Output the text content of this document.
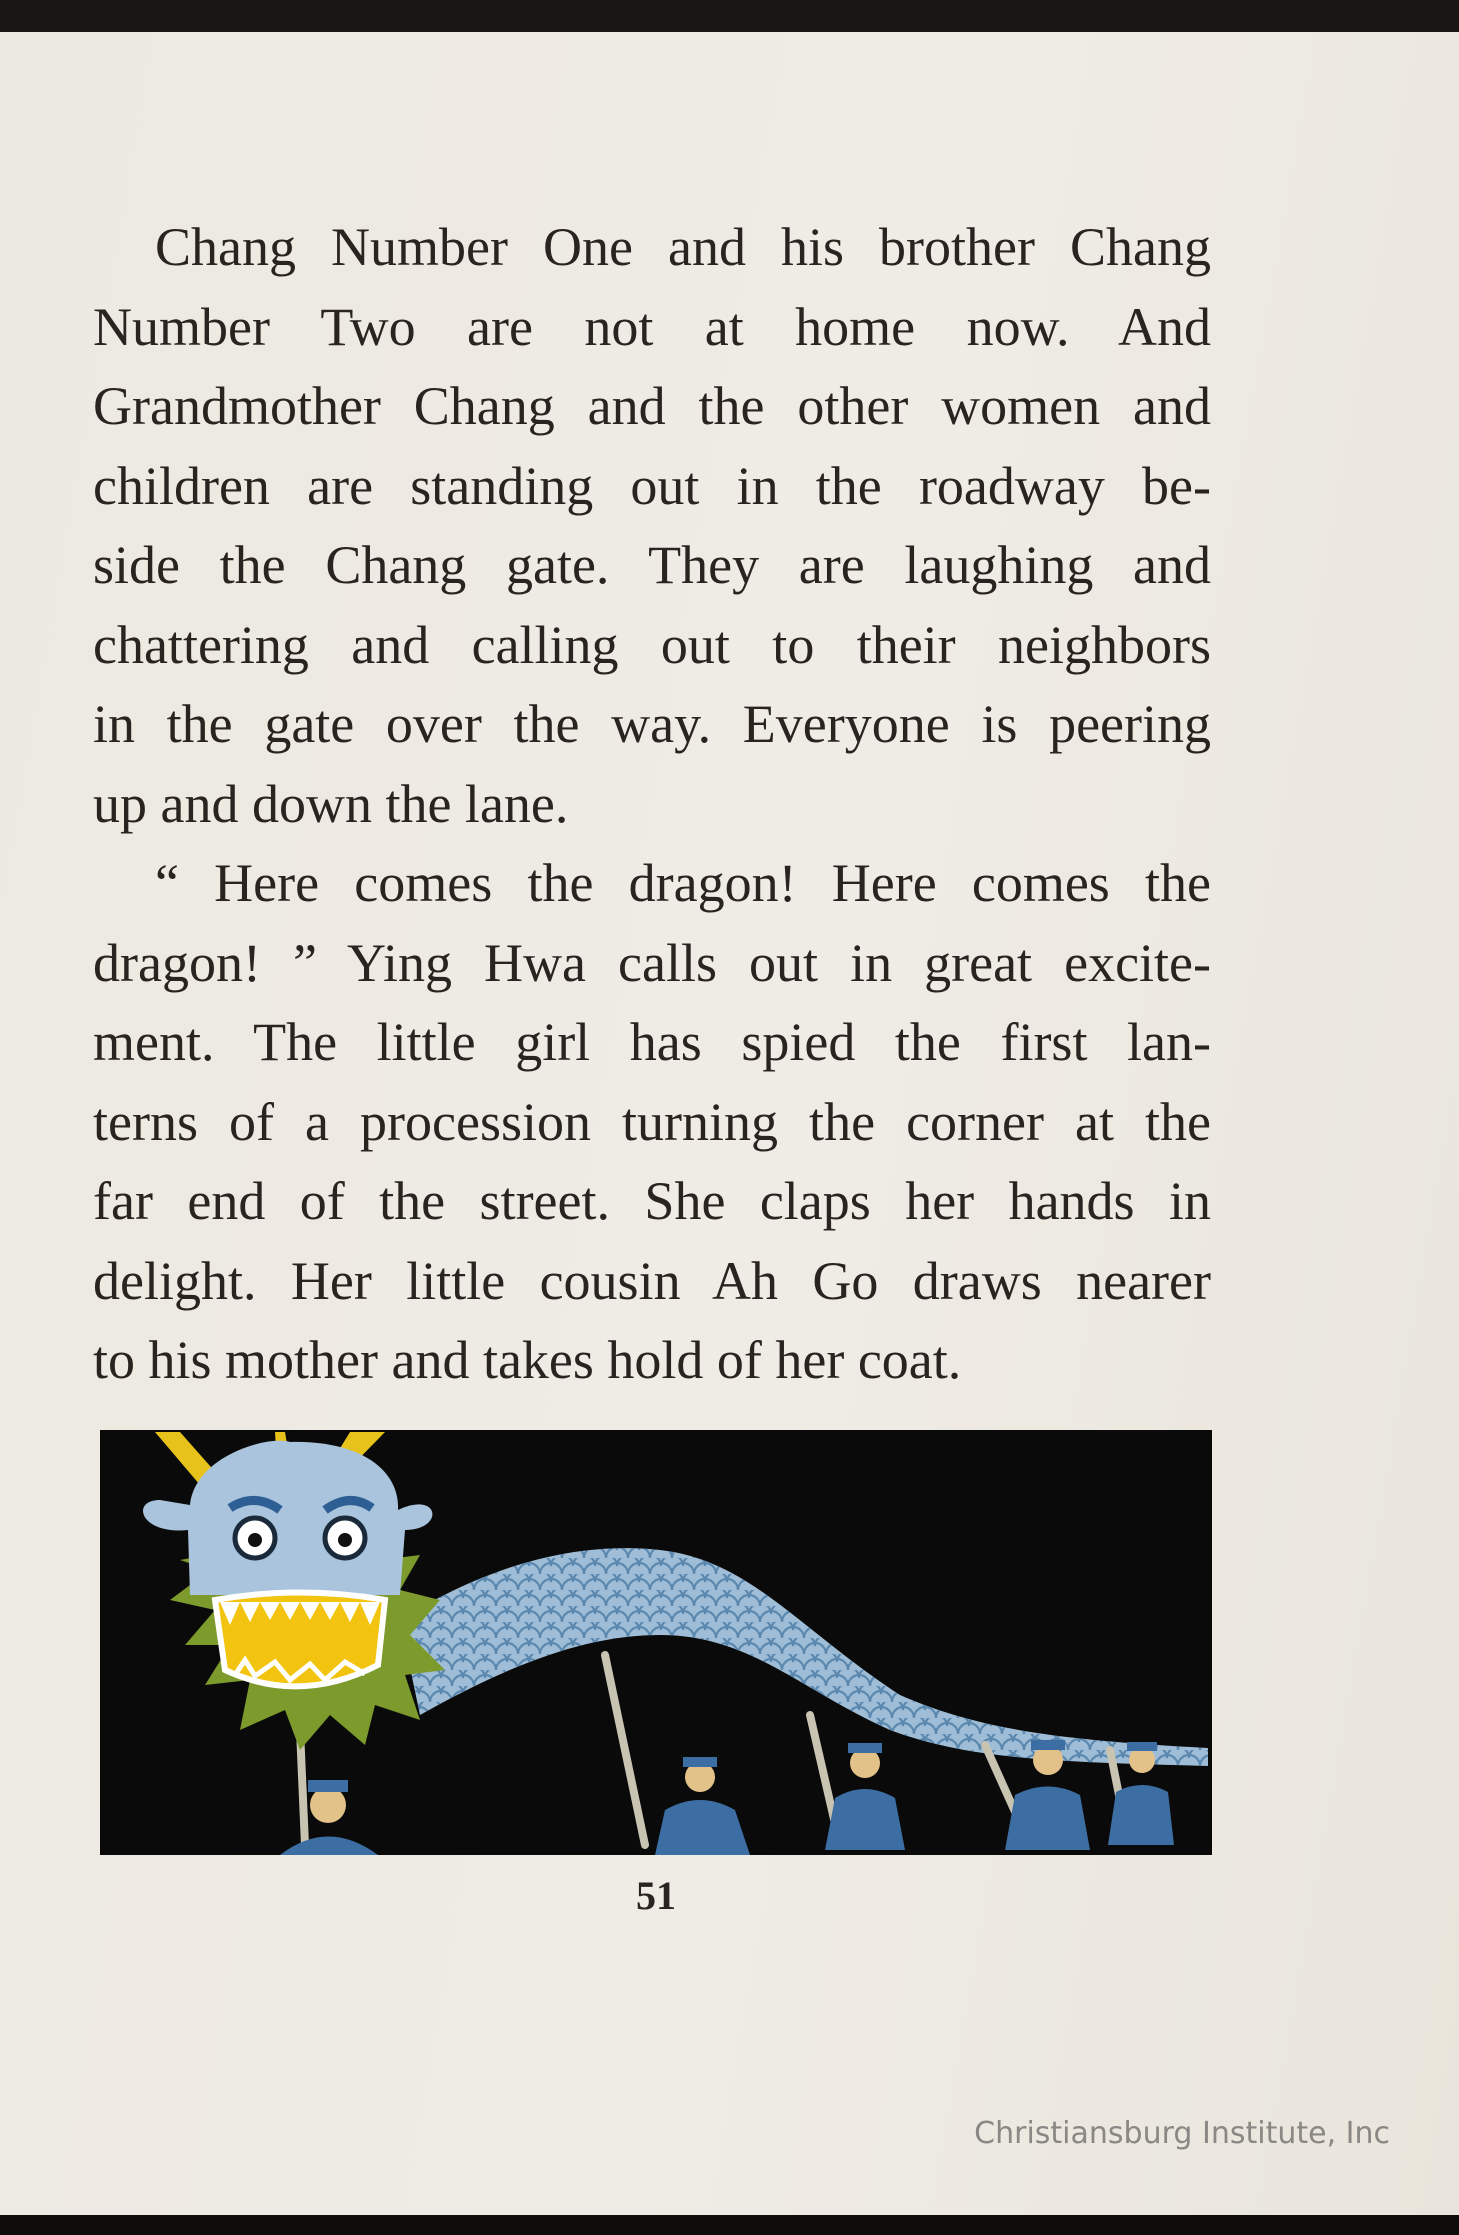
Chang Number One and his brother Chang
Number Two are not at home now. And
Grandmother Chang and the other women and
children are standing out in the roadway be-
side the Chang gate. They are laughing and
chattering and calling out to their neighbors
in the gate over the way. Everyone is peering
up and down the lane.
“ Here comes the dragon! Here comes the
dragon! ” Ying Hwa calls out in great excite-
ment. The little girl has spied the first lan-
terns of a procession turning the corner at the
far end of the street. She claps her hands in
delight. Her little cousin Ah Go draws nearer
to his mother and takes hold of her coat.
51
Christiansburg Institute, Inc
